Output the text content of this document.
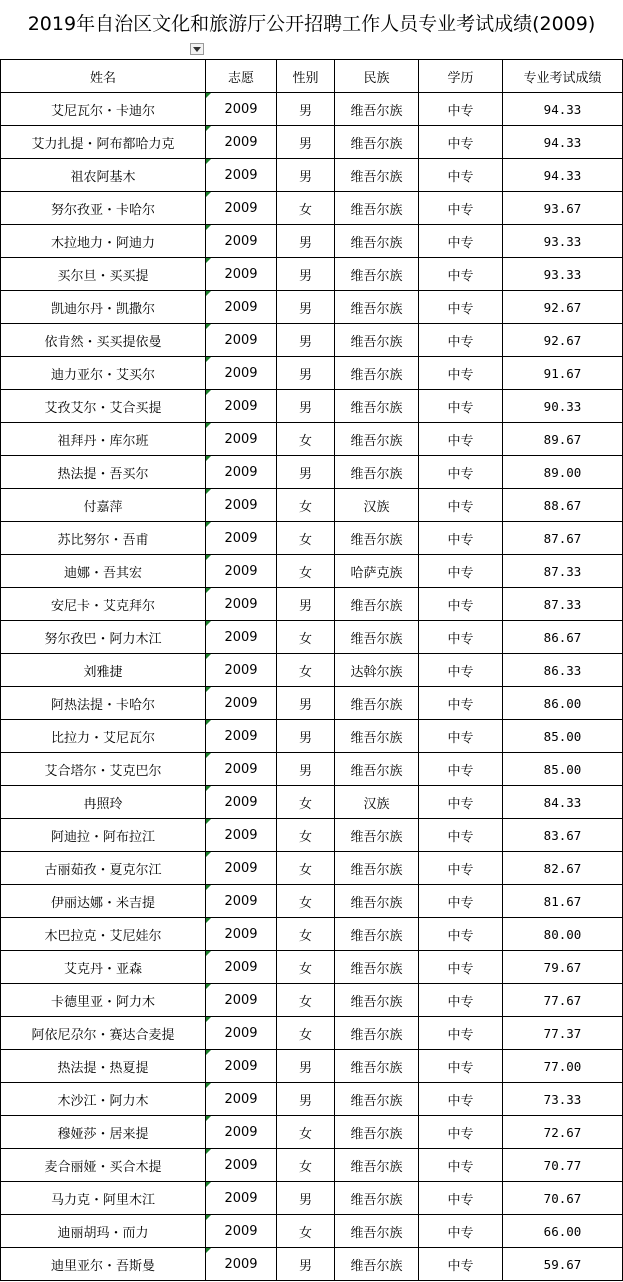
2019年自治区文化和旅游厅公开招聘工作人员专业考试成绩(2009)
姓名	志愿	性别	民族	学历	专业考试成绩
艾尼瓦尔・卡迪尔	2009	男	维吾尔族	中专	94.33
艾力扎提・阿布都哈力克	2009	男	维吾尔族	中专	94.33
祖农阿基木	2009	男	维吾尔族	中专	94.33
努尔孜亚・卡哈尔	2009	女	维吾尔族	中专	93.67
木拉地力・阿迪力	2009	男	维吾尔族	中专	93.33
买尔旦・买买提	2009	男	维吾尔族	中专	93.33
凯迪尔丹・凯撒尔	2009	男	维吾尔族	中专	92.67
依肯然・买买提依曼	2009	男	维吾尔族	中专	92.67
迪力亚尔・艾买尔	2009	男	维吾尔族	中专	91.67
艾孜艾尔・艾合买提	2009	男	维吾尔族	中专	90.33
祖拜丹・库尔班	2009	女	维吾尔族	中专	89.67
热法提・吾买尔	2009	男	维吾尔族	中专	89.00
付嘉萍	2009	女	汉族	中专	88.67
苏比努尔・吾甫	2009	女	维吾尔族	中专	87.67
迪娜・吾其宏	2009	女	哈萨克族	中专	87.33
安尼卡・艾克拜尔	2009	男	维吾尔族	中专	87.33
努尔孜巴・阿力木江	2009	女	维吾尔族	中专	86.67
刘雅捷	2009	女	达斡尔族	中专	86.33
阿热法提・卡哈尔	2009	男	维吾尔族	中专	86.00
比拉力・艾尼瓦尔	2009	男	维吾尔族	中专	85.00
艾合塔尔・艾克巴尔	2009	男	维吾尔族	中专	85.00
冉照玲	2009	女	汉族	中专	84.33
阿迪拉・阿布拉江	2009	女	维吾尔族	中专	83.67
古丽茹孜・夏克尔江	2009	女	维吾尔族	中专	82.67
伊丽达娜・米吉提	2009	女	维吾尔族	中专	81.67
木巴拉克・艾尼娃尔	2009	女	维吾尔族	中专	80.00
艾克丹・亚森	2009	女	维吾尔族	中专	79.67
卡德里亚・阿力木	2009	女	维吾尔族	中专	77.67
阿依尼尕尔・赛达合麦提	2009	女	维吾尔族	中专	77.37
热法提・热夏提	2009	男	维吾尔族	中专	77.00
木沙江・阿力木	2009	男	维吾尔族	中专	73.33
穆娅莎・居来提	2009	女	维吾尔族	中专	72.67
麦合丽娅・买合木提	2009	女	维吾尔族	中专	70.77
马力克・阿里木江	2009	男	维吾尔族	中专	70.67
迪丽胡玛・而力	2009	女	维吾尔族	中专	66.00
迪里亚尔・吾斯曼	2009	男	维吾尔族	中专	59.67
